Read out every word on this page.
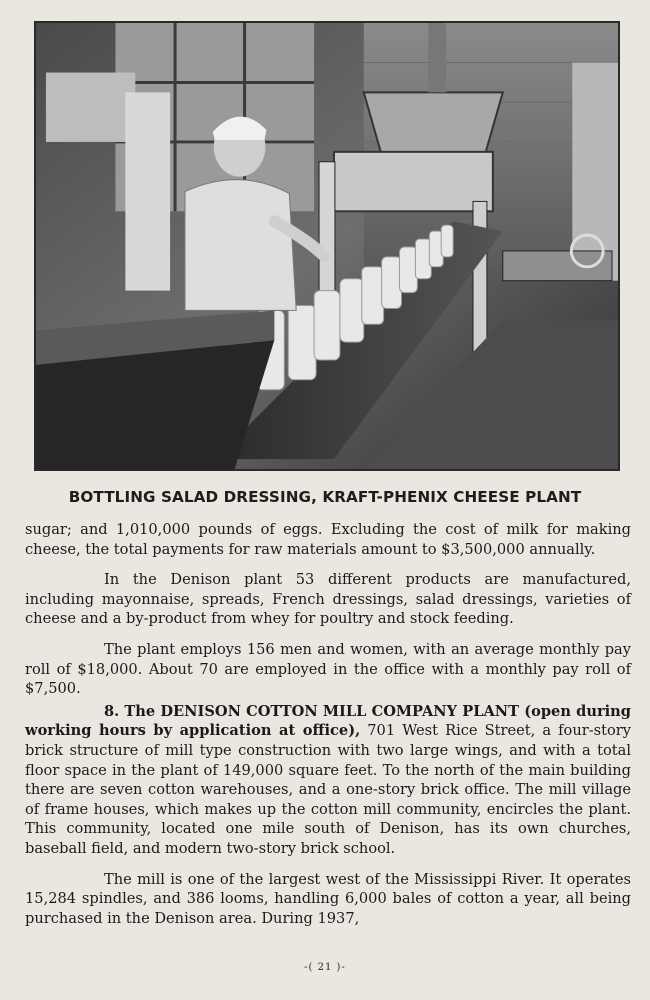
BOTTLING SALAD DRESSING, KRAFT-PHENIX CHEESE PLANT

sugar; and 1,010,000 pounds of eggs. Excluding the cost of milk for making cheese, the total payments for raw materials amount to $3,500,000 annually.

In the Denison plant 53 different products are manufactured, including mayonnaise, spreads, French dressings, salad dressings, varieties of cheese and a by-product from whey for poultry and stock feeding.

The plant employs 156 men and women, with an average monthly pay roll of $18,000. About 70 are employed in the office with a monthly pay roll of $7,500.

8. The DENISON COTTON MILL COMPANY PLANT (open during working hours by application at office), 701 West Rice Street, a four-story brick structure of mill type construction with two large wings, and with a total floor space in the plant of 149,000 square feet. To the north of the main building there are seven cotton warehouses, and a one-story brick office. The mill village of frame houses, which makes up the cotton mill community, encircles the plant. This community, located one mile south of Denison, has its own churches, baseball field, and modern two-story brick school.

The mill is one of the largest west of the Mississippi River. It operates 15,284 spindles, and 386 looms, handling 6,000 bales of cotton a year, all being purchased in the Denison area. During 1937,

-( 21 )-
